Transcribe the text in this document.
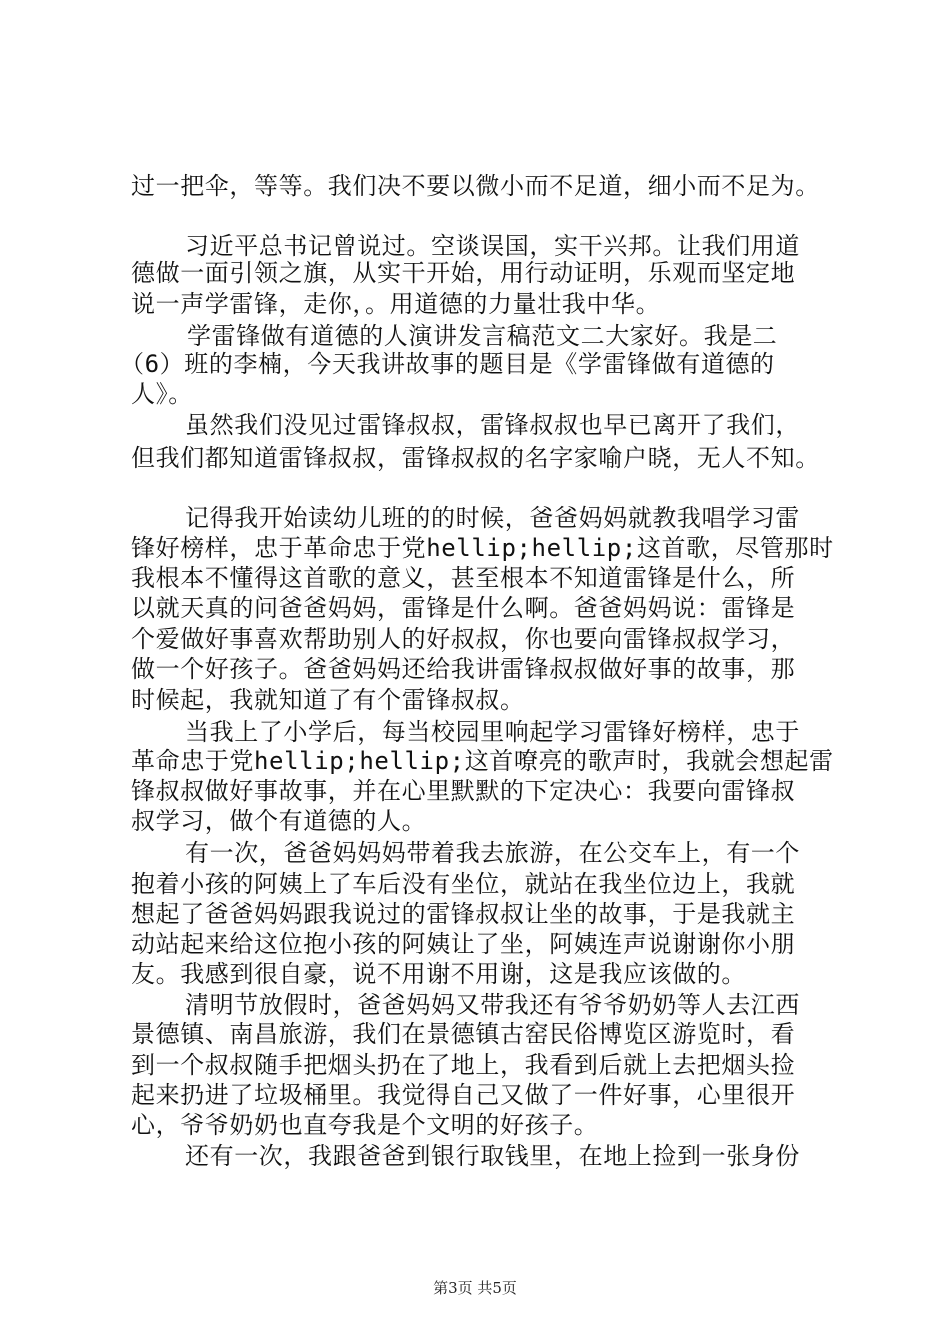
过一把伞，等等。我们决不要以微小而不足道，细小而不足为。
习近平总书记曾说过。空谈误国，实干兴邦。让我们用道
德做一面引领之旗，从实干开始，用行动证明，乐观而坚定地
说一声学雷锋，走你，。用道德的力量壮我中华。
学雷锋做有道德的人演讲发言稿范文二大家好。我是二
（6）班的李楠，今天我讲故事的题目是《学雷锋做有道德的
人》。
虽然我们没见过雷锋叔叔，雷锋叔叔也早已离开了我们，
但我们都知道雷锋叔叔，雷锋叔叔的名字家喻户晓，无人不知。
记得我开始读幼儿班的的时候，爸爸妈妈就教我唱学习雷
锋好榜样，忠于革命忠于党hellip;hellip;这首歌，尽管那时
我根本不懂得这首歌的意义，甚至根本不知道雷锋是什么，所
以就天真的问爸爸妈妈，雷锋是什么啊。爸爸妈妈说：雷锋是
个爱做好事喜欢帮助别人的好叔叔，你也要向雷锋叔叔学习，
做一个好孩子。爸爸妈妈还给我讲雷锋叔叔做好事的故事，那
时候起，我就知道了有个雷锋叔叔。
当我上了小学后，每当校园里响起学习雷锋好榜样，忠于
革命忠于党hellip;hellip;这首嘹亮的歌声时，我就会想起雷
锋叔叔做好事故事，并在心里默默的下定决心：我要向雷锋叔
叔学习，做个有道德的人。
有一次，爸爸妈妈妈带着我去旅游，在公交车上，有一个
抱着小孩的阿姨上了车后没有坐位，就站在我坐位边上，我就
想起了爸爸妈妈跟我说过的雷锋叔叔让坐的故事，于是我就主
动站起来给这位抱小孩的阿姨让了坐，阿姨连声说谢谢你小朋
友。我感到很自豪，说不用谢不用谢，这是我应该做的。
清明节放假时，爸爸妈妈又带我还有爷爷奶奶等人去江西
景德镇、南昌旅游，我们在景德镇古窑民俗博览区游览时，看
到一个叔叔随手把烟头扔在了地上，我看到后就上去把烟头捡
起来扔进了垃圾桶里。我觉得自己又做了一件好事，心里很开
心，爷爷奶奶也直夸我是个文明的好孩子。
还有一次，我跟爸爸到银行取钱里，在地上捡到一张身份
第3页 共5页
